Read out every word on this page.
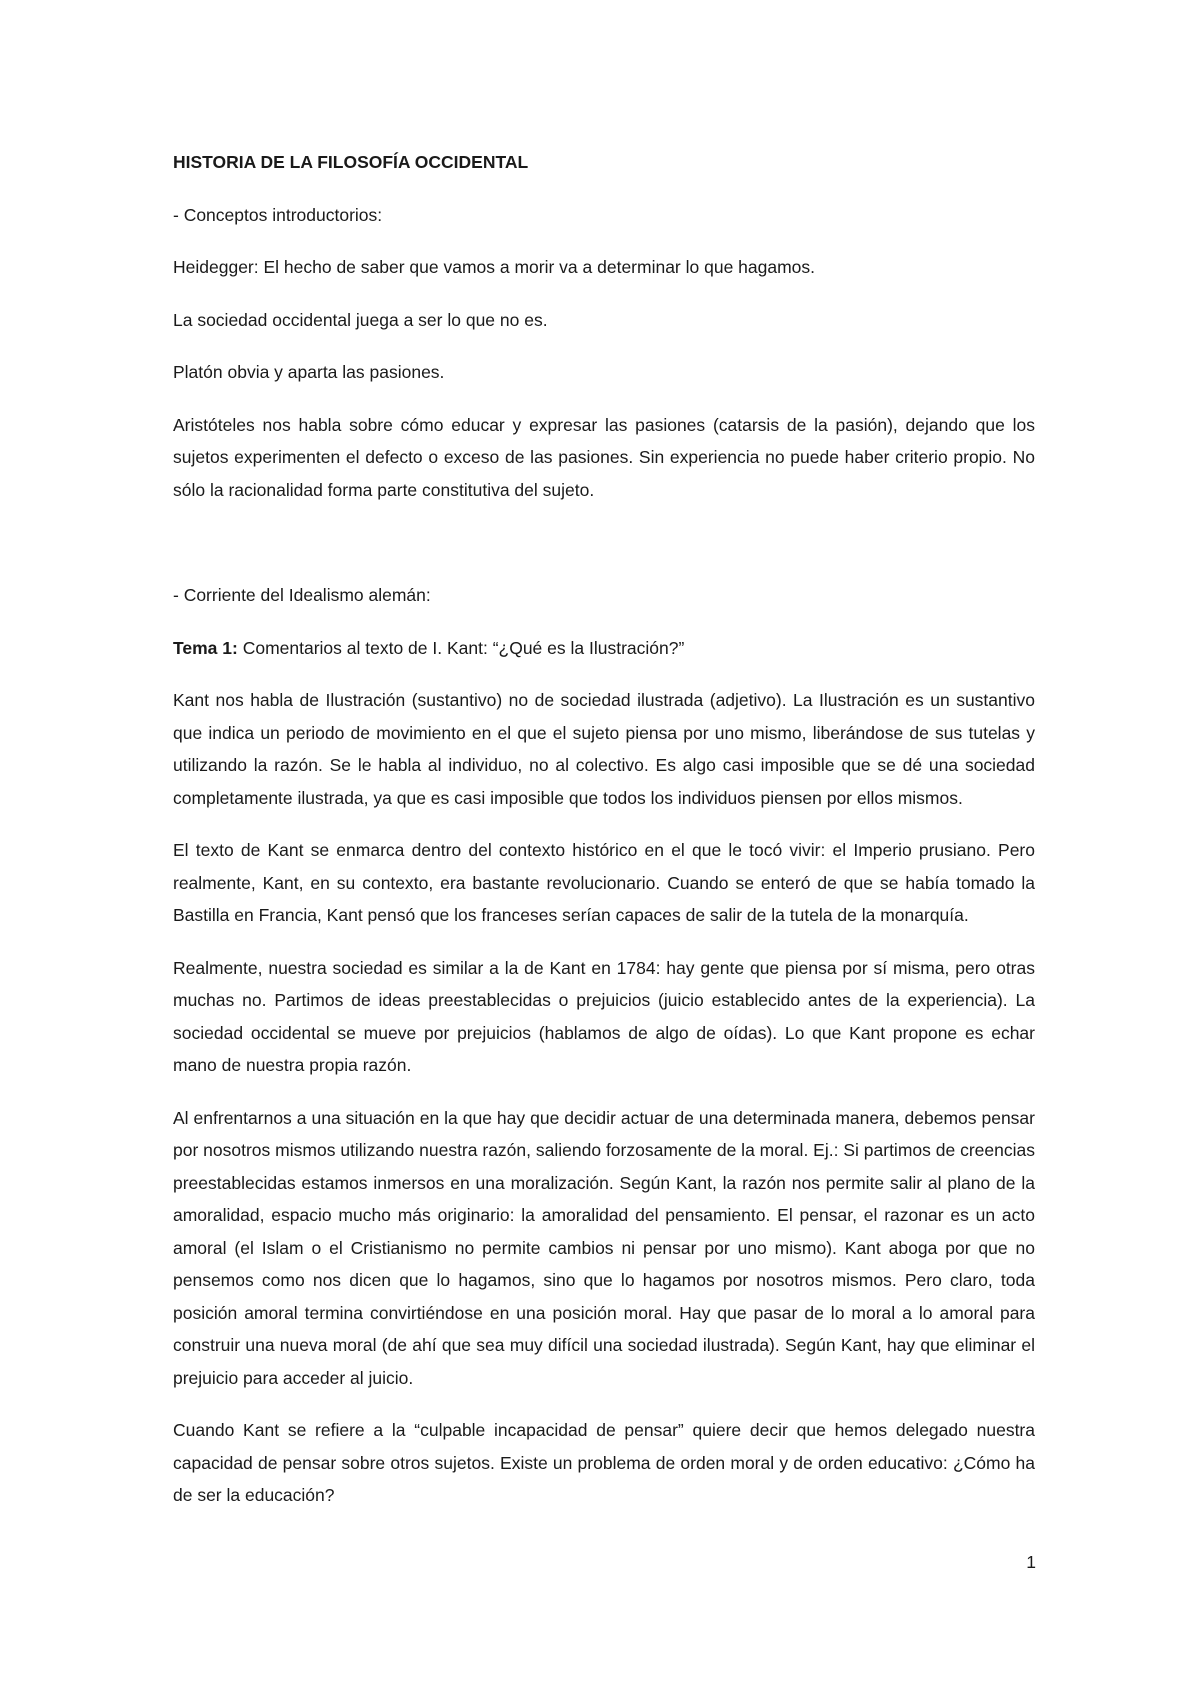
HISTORIA DE LA FILOSOFÍA OCCIDENTAL
- Conceptos introductorios:
Heidegger: El hecho de saber que vamos a morir va a determinar lo que hagamos.
La sociedad occidental juega a ser lo que no es.
Platón obvia y aparta las pasiones.
Aristóteles nos habla sobre cómo educar y expresar las pasiones (catarsis de la pasión), dejando que los sujetos experimenten el defecto o exceso de las pasiones. Sin experiencia no puede haber criterio propio. No sólo la racionalidad forma parte constitutiva del sujeto.
- Corriente del Idealismo alemán:
Tema 1: Comentarios al texto de I. Kant: “¿Qué es la Ilustración?”
Kant nos habla de Ilustración (sustantivo) no de sociedad ilustrada (adjetivo). La Ilustración es un sustantivo que indica un periodo de movimiento en el que el sujeto piensa por uno mismo, liberándose de sus tutelas y utilizando la razón. Se le habla al individuo, no al colectivo. Es algo casi imposible que se dé una sociedad completamente ilustrada, ya que es casi imposible que todos los individuos piensen por ellos mismos.
El texto de Kant se enmarca dentro del contexto histórico en el que le tocó vivir: el Imperio prusiano. Pero realmente, Kant, en su contexto, era bastante revolucionario. Cuando se enteró de que se había tomado la Bastilla en Francia, Kant pensó que los franceses serían capaces de salir de la tutela de la monarquía.
Realmente, nuestra sociedad es similar a la de Kant en 1784: hay gente que piensa por sí misma, pero otras muchas no. Partimos de ideas preestablecidas o prejuicios (juicio establecido antes de la experiencia). La sociedad occidental se mueve por prejuicios (hablamos de algo de oídas). Lo que Kant propone es echar mano de nuestra propia razón.
Al enfrentarnos a una situación en la que hay que decidir actuar de una determinada manera, debemos pensar por nosotros mismos utilizando nuestra razón, saliendo forzosamente de la moral. Ej.: Si partimos de creencias preestablecidas estamos inmersos en una moralización. Según Kant, la razón nos permite salir al plano de la amoralidad, espacio mucho más originario: la amoralidad del pensamiento. El pensar, el razonar es un acto amoral (el Islam o el Cristianismo no permite cambios ni pensar por uno mismo). Kant aboga por que no pensemos como nos dicen que lo hagamos, sino que lo hagamos por nosotros mismos. Pero claro, toda posición amoral termina convirtiéndose en una posición moral. Hay que pasar de lo moral a lo amoral para construir una nueva moral (de ahí que sea muy difícil una sociedad ilustrada). Según Kant, hay que eliminar el prejuicio para acceder al juicio.
Cuando Kant se refiere a la “culpable incapacidad de pensar” quiere decir que hemos delegado nuestra capacidad de pensar sobre otros sujetos. Existe un problema de orden moral y de orden educativo: ¿Cómo ha de ser la educación?
1
